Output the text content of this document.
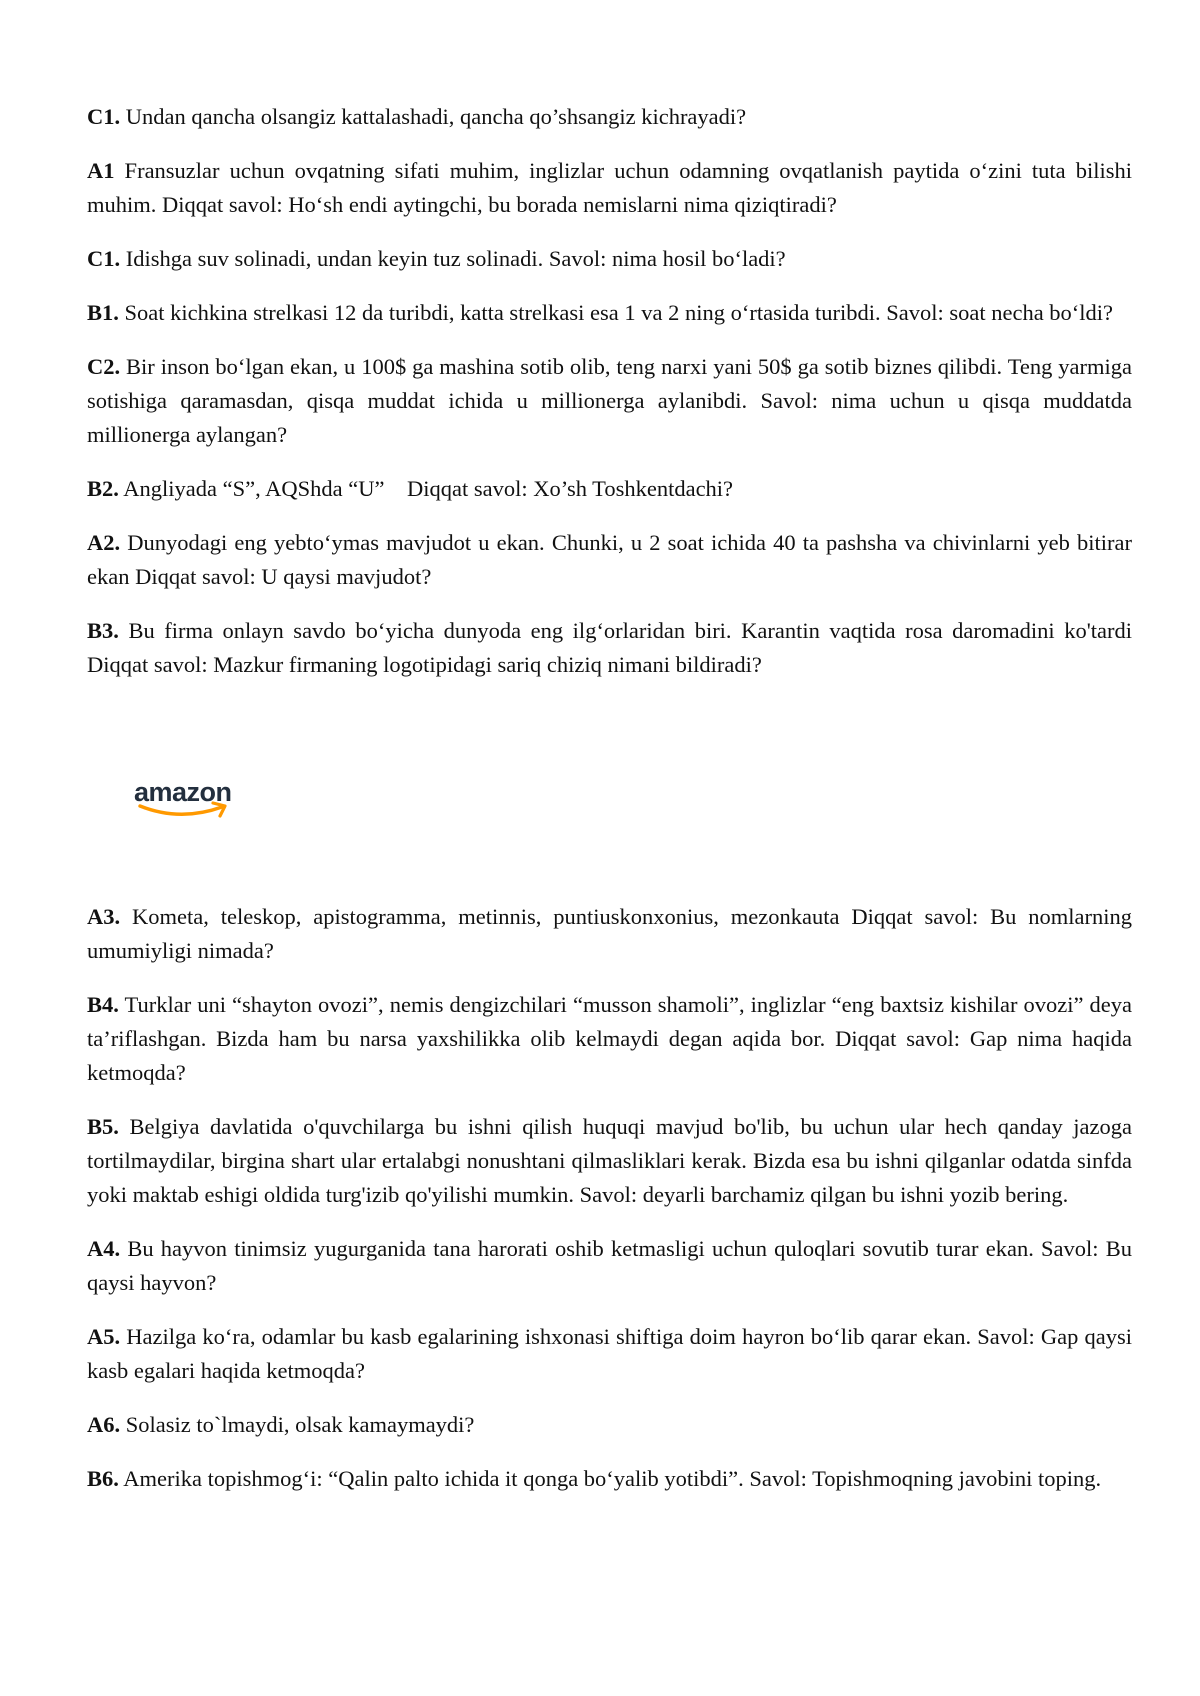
C1. Undan qancha olsangiz kattalashadi, qancha qo’shsangiz kichrayadi?

A1 Fransuzlar uchun ovqatning sifati muhim, inglizlar uchun odamning ovqatlanish paytida o‘zini tuta bilishi muhim. Diqqat savol: Ho‘sh endi aytingchi, bu borada nemislarni nima qiziqtiradi?

C1. Idishga suv solinadi, undan keyin tuz solinadi. Savol: nima hosil bo‘ladi?

B1. Soat kichkina strelkasi 12 da turibdi, katta strelkasi esa 1 va 2 ning o‘rtasida turibdi. Savol: soat necha bo‘ldi?

C2. Bir inson bo‘lgan ekan, u 100$ ga mashina sotib olib, teng narxi yani 50$ ga sotib biznes qilibdi. Teng yarmiga sotishiga qaramasdan, qisqa muddat ichida u millionerga aylanibdi. Savol: nima uchun u qisqa muddatda millionerga aylangan?

B2. Angliyada “S”, AQShda “U”    Diqqat savol: Xo’sh Toshkentdachi?

A2. Dunyodagi eng yebto‘ymas mavjudot u ekan. Chunki, u 2 soat ichida 40 ta pashsha va chivinlarni yeb bitirar ekan Diqqat savol: U qaysi mavjudot?

B3. Bu firma onlayn savdo bo‘yicha dunyoda eng ilg‘orlaridan biri. Karantin vaqtida rosa daromadini ko'tardi Diqqat savol: Mazkur firmaning logotipidagi sariq chiziq nimani bildiradi?

amazon

A3. Kometa, teleskop, apistogramma, metinnis, puntiuskonxonius, mezonkauta Diqqat savol: Bu nomlarning umumiyligi nimada?

B4. Turklar uni “shayton ovozi”, nemis dengizchilari “musson shamoli”, inglizlar “eng baxtsiz kishilar ovozi” deya ta’riflashgan. Bizda ham bu narsa yaxshilikka olib kelmaydi degan aqida bor. Diqqat savol: Gap nima haqida ketmoqda?

B5. Belgiya davlatida o'quvchilarga bu ishni qilish huquqi mavjud bo'lib, bu uchun ular hech qanday jazoga tortilmaydilar, birgina shart ular ertalabgi nonushtani qilmasliklari kerak. Bizda esa bu ishni qilganlar odatda sinfda yoki maktab eshigi oldida turg'izib qo'yilishi mumkin. Savol: deyarli barchamiz qilgan bu ishni yozib bering.

A4. Bu hayvon tinimsiz yugurganida tana harorati oshib ketmasligi uchun quloqlari sovutib turar ekan. Savol: Bu qaysi hayvon?

A5. Hazilga ko‘ra, odamlar bu kasb egalarining ishxonasi shiftiga doim hayron bo‘lib qarar ekan. Savol: Gap qaysi kasb egalari haqida ketmoqda?

A6. Solasiz to`lmaydi, olsak kamaymaydi?

B6. Amerika topishmog‘i: “Qalin palto ichida it qonga bo‘yalib yotibdi”. Savol: Topishmoqning javobini toping.
